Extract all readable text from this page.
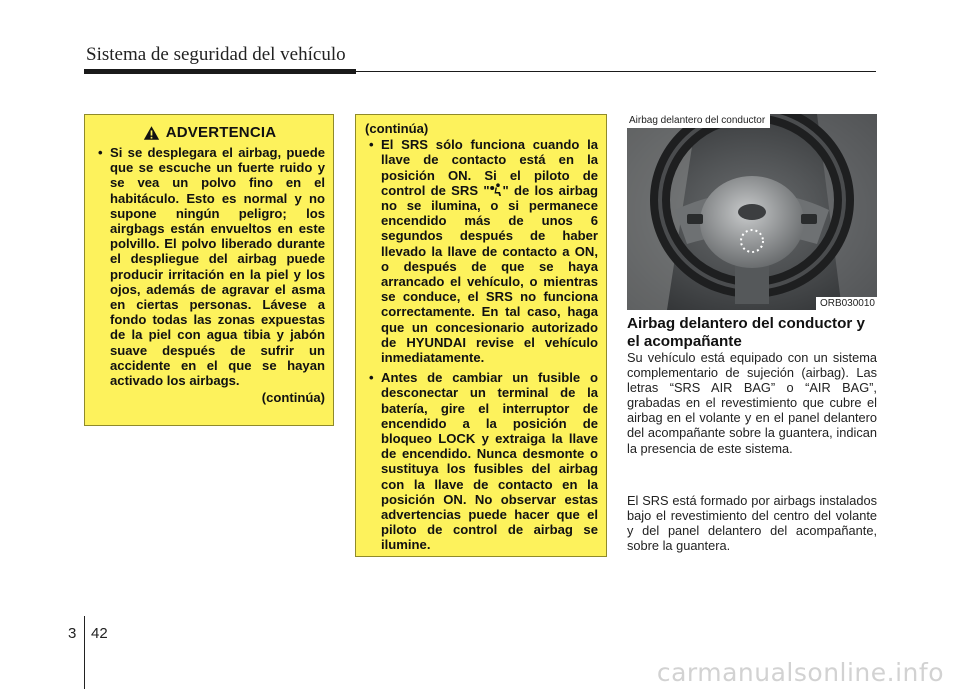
Sistema de seguridad del vehículo
ADVERTENCIA
• Si se desplegara el airbag, puede que se escuche un fuerte ruido y se vea un polvo fino en el habitáculo. Esto es normal y no supone ningún peligro; los airgbags están envueltos en este polvillo. El polvo liberado durante el despliegue del airbag puede producir irritación en la piel y los ojos, además de agravar el asma en ciertas personas. Lávese a fondo todas las zonas expuestas de la piel con agua tibia y jabón suave después de sufrir un accidente en el que se hayan activado los airbags.
(continúa)
(continúa)
• El SRS sólo funciona cuando la llave de contacto está en la posición ON. Si el piloto de control de SRS " " de los airbag no se ilumina, o si permanece encendido más de unos 6 segundos después de haber llevado la llave de contacto a ON, o después de que se haya arrancado el vehículo, o mientras se conduce, el SRS no funciona correctamente. En tal caso, haga que un concesionario autorizado de HYUNDAI revise el vehículo inmediatamente.
• Antes de cambiar un fusible o desconectar un terminal de la batería, gire el interruptor de encendido a la posición de bloqueo LOCK y extraiga la llave de encendido. Nunca desmonte o sustituya los fusibles del airbag con la llave de contacto en la posición ON. No observar estas advertencias puede hacer que el piloto de control de airbag se ilumine.
Airbag delantero del conductor
ORB030010
Airbag delantero del conductor y el acompañante
Su vehículo está equipado con un sistema complementario de sujeción (airbag). Las letras “SRS AIR BAG” o “AIR BAG”, grabadas en el revestimiento que cubre el airbag en el volante y en el panel delantero del acompañante sobre la guantera, indican la presencia de este sistema.
El SRS está formado por airbags instalados bajo el revestimiento del centro del volante y del panel delantero del acompañante, sobre la guantera.
3 42
carmanualsonline.info
